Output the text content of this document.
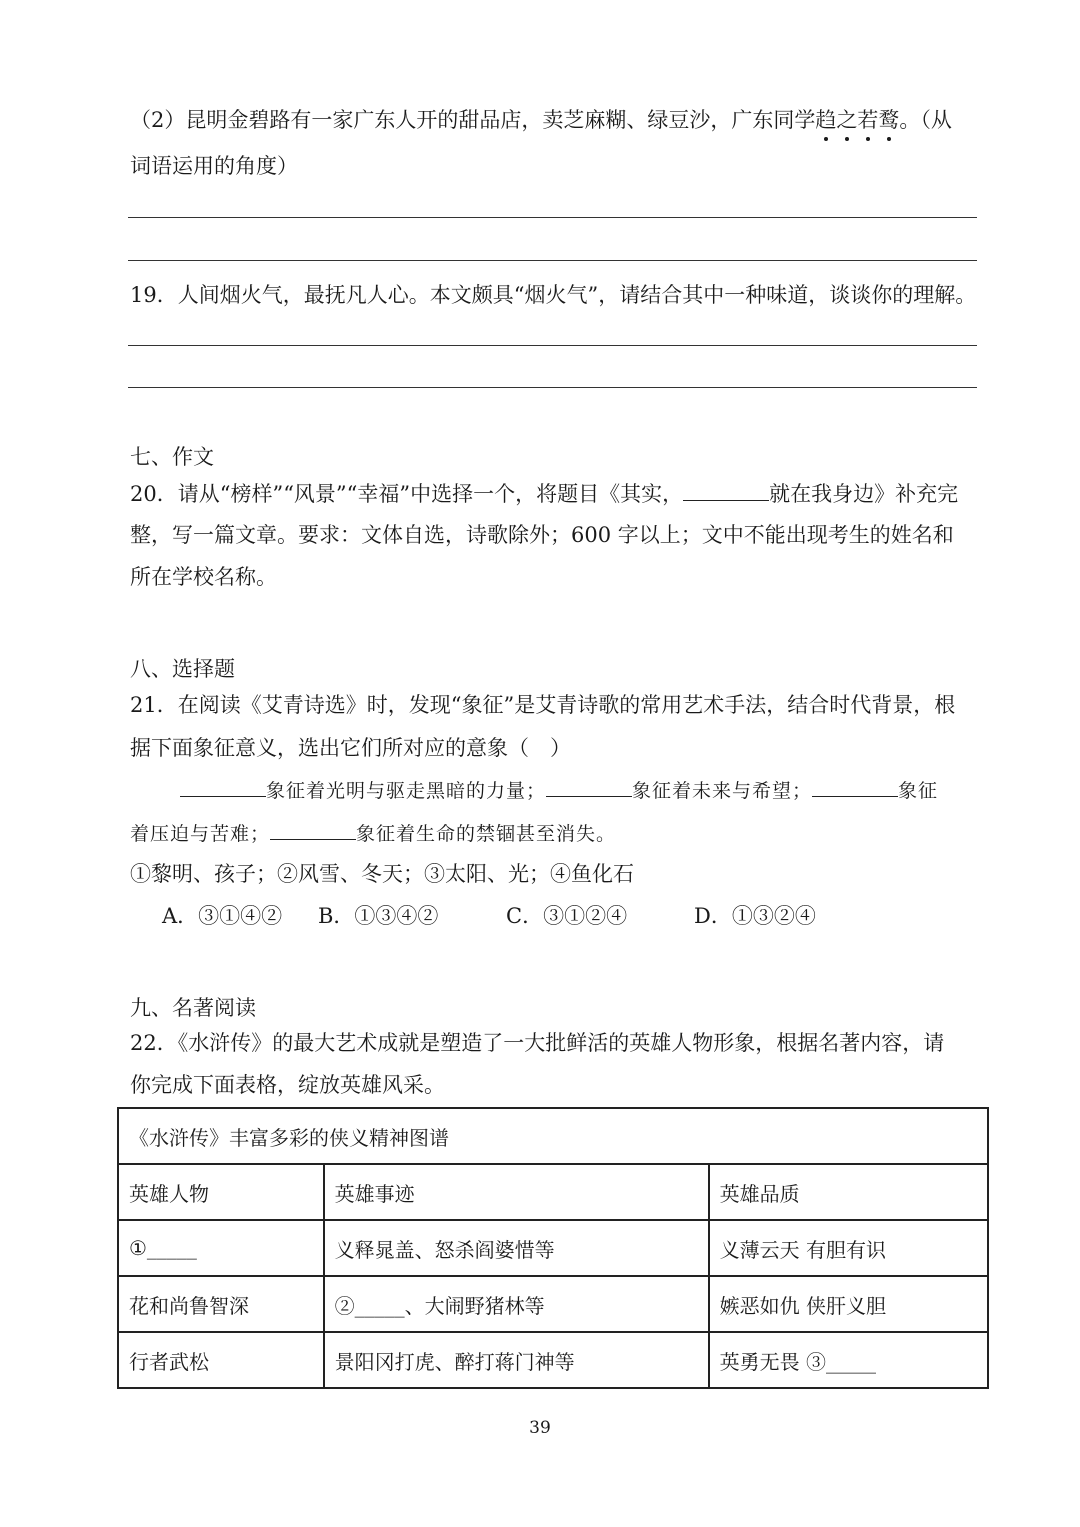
（2）昆明金碧路有一家广东人开的甜品店，卖芝麻糊、绿豆沙，广东同学趋之若鹜。（从
词语运用的角度）
19．人间烟火气，最抚凡人心。本文颇具“烟火气”，请结合其中一种味道，谈谈你的理解。
七、作文
20．请从“榜样”“风景”“幸福”中选择一个，将题目《其实，	就在我身边》补充完
整，写一篇文章。要求：文体自选，诗歌除外；600 字以上；文中不能出现考生的姓名和
所在学校名称。
八、选择题
21．在阅读《艾青诗选》时，发现“象征”是艾青诗歌的常用艺术手法，结合时代背景，根
据下面象征意义，选出它们所对应的意象（　）
象征着光明与驱走黑暗的力量；	象征着未来与希望；	象征
着压迫与苦难；	象征着生命的禁锢甚至消失。
①黎明、孩子；②风雪、冬天；③太阳、光；④鱼化石
A．③①④②	B．①③④②	C．③①②④	D．①③②④
九、名著阅读
22．《水浒传》的最大艺术成就是塑造了一大批鲜活的英雄人物形象，根据名著内容，请
你完成下面表格，绽放英雄风采。
《水浒传》丰富多彩的侠义精神图谱		
英雄人物	英雄事迹	英雄品质
①_____	义释晁盖、怒杀阎婆惜等	义薄云天 有胆有识
花和尚鲁智深	②_____、大闹野猪林等	嫉恶如仇 侠肝义胆
行者武松	景阳冈打虎、醉打蒋门神等	英勇无畏 ③_____
39
